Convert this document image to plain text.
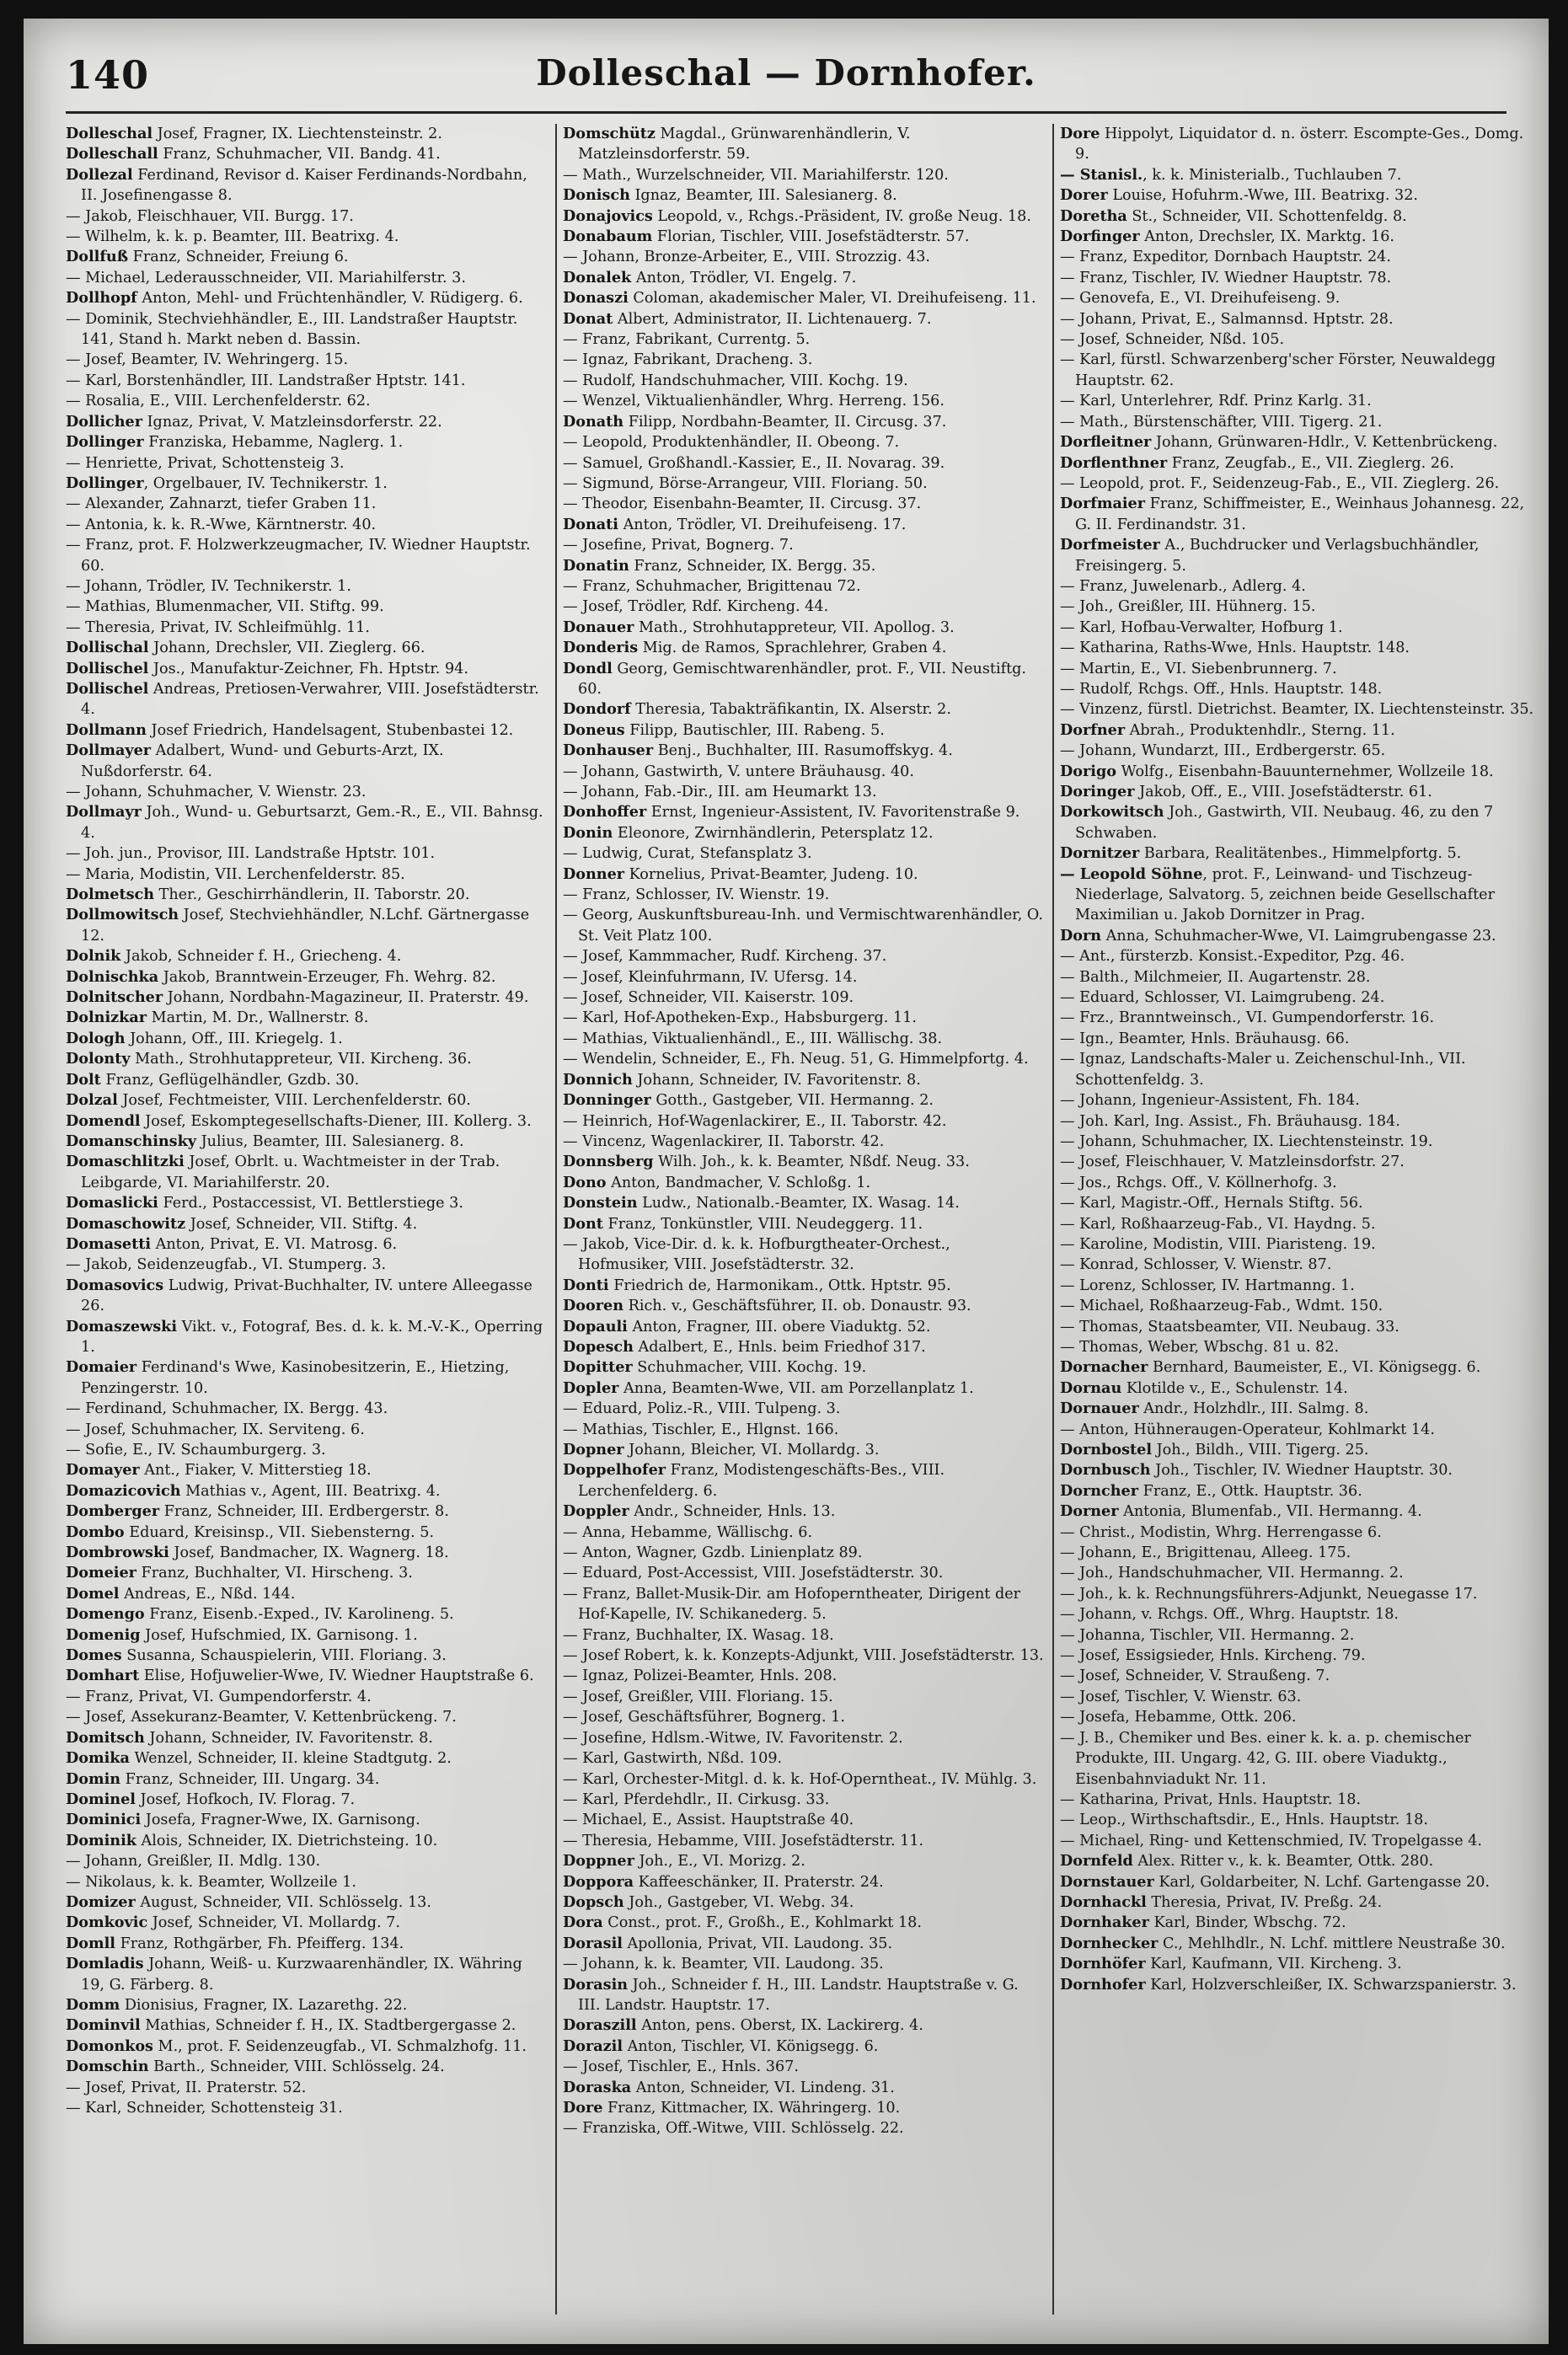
140	Dolleschal — Dornhofer.

Dolleschal Josef, Fragner, IX. Liechtensteinstr. 2.

Dolleschall Franz, Schuhmacher, VII. Bandg. 41.

Dollezal Ferdinand, Revisor d. Kaiser Ferdinands-Nordbahn, II. Josefinengasse 8.

— Jakob, Fleischhauer, VII. Burgg. 17.

— Wilhelm, k. k. p. Beamter, III. Beatrixg. 4.

Dollfuß Franz, Schneider, Freiung 6.

— Michael, Lederausschneider, VII. Mariahilferstr. 3.

Dollhopf Anton, Mehl- und Früchtenhändler, V. Rüdigerg. 6.

— Dominik, Stechviehhändler, E., III. Landstraßer Hauptstr. 141, Stand h. Markt neben d. Bassin.

— Josef, Beamter, IV. Wehringerg. 15.

— Karl, Borstenhändler, III. Landstraßer Hptstr. 141.

— Rosalia, E., VIII. Lerchenfelderstr. 62.

Dollicher Ignaz, Privat, V. Matzleinsdorferstr. 22.

Dollinger Franziska, Hebamme, Naglerg. 1.

— Henriette, Privat, Schottensteig 3.

Dollinger, Orgelbauer, IV. Technikerstr. 1.

— Alexander, Zahnarzt, tiefer Graben 11.

— Antonia, k. k. R.-Wwe, Kärntnerstr. 40.

— Franz, prot. F. Holzwerkzeugmacher, IV. Wiedner Hauptstr. 60.

— Johann, Trödler, IV. Technikerstr. 1.

— Mathias, Blumenmacher, VII. Stiftg. 99.

— Theresia, Privat, IV. Schleifmühlg. 11.

Dollischal Johann, Drechsler, VII. Zieglerg. 66.

Dollischel Jos., Manufaktur-Zeichner, Fh. Hptstr. 94.

Dollischel Andreas, Pretiosen-Verwahrer, VIII. Josefstädterstr. 4.

Dollmann Josef Friedrich, Handelsagent, Stubenbastei 12.

Dollmayer Adalbert, Wund- und Geburts-Arzt, IX. Nußdorferstr. 64.

— Johann, Schuhmacher, V. Wienstr. 23.

Dollmayr Joh., Wund- u. Geburtsarzt, Gem.-R., E., VII. Bahnsg. 4.

— Joh. jun., Provisor, III. Landstraße Hptstr. 101.

— Maria, Modistin, VII. Lerchenfelderstr. 85.

Dolmetsch Ther., Geschirrhändlerin, II. Taborstr. 20.

Dollmowitsch Josef, Stechviehhändler, N.Lchf. Gärtnergasse 12.

Dolnik Jakob, Schneider f. H., Griecheng. 4.

Dolnischka Jakob, Branntwein-Erzeuger, Fh. Wehrg. 82.

Dolnitscher Johann, Nordbahn-Magazineur, II. Praterstr. 49.

Dolnizkar Martin, M. Dr., Wallnerstr. 8.

Dologh Johann, Off., III. Kriegelg. 1.

Dolonty Math., Strohhutappreteur, VII. Kircheng. 36.

Dolt Franz, Geflügelhändler, Gzdb. 30.

Dolzal Josef, Fechtmeister, VIII. Lerchenfelderstr. 60.

Domendl Josef, Eskomptegesellschafts-Diener, III. Kollerg. 3.

Domanschinsky Julius, Beamter, III. Salesianerg. 8.

Domaschlitzki Josef, Obrlt. u. Wachtmeister in der Trab. Leibgarde, VI. Mariahilferstr. 20.

Domaslicki Ferd., Postaccessist, VI. Bettlerstiege 3.

Domaschowitz Josef, Schneider, VII. Stiftg. 4.

Domasetti Anton, Privat, E. VI. Matrosg. 6.

— Jakob, Seidenzeugfab., VI. Stumperg. 3.

Domasovics Ludwig, Privat-Buchhalter, IV. untere Alleegasse 26.

Domaszewski Vikt. v., Fotograf, Bes. d. k. k. M.-V.-K., Operring 1.

Domaier Ferdinand's Wwe, Kasinobesitzerin, E., Hietzing, Penzingerstr. 10.

— Ferdinand, Schuhmacher, IX. Bergg. 43.

— Josef, Schuhmacher, IX. Serviteng. 6.

— Sofie, E., IV. Schaumburgerg. 3.

Domayer Ant., Fiaker, V. Mitterstieg 18.

Domazicovich Mathias v., Agent, III. Beatrixg. 4.

Domberger Franz, Schneider, III. Erdbergerstr. 8.

Dombo Eduard, Kreisinsp., VII. Siebensterng. 5.

Dombrowski Josef, Bandmacher, IX. Wagnerg. 18.

Domeier Franz, Buchhalter, VI. Hirscheng. 3.

Domel Andreas, E., Nßd. 144.

Domengo Franz, Eisenb.-Exped., IV. Karolineng. 5.

Domenig Josef, Hufschmied, IX. Garnisong. 1.

Domes Susanna, Schauspielerin, VIII. Floriang. 3.

Domhart Elise, Hofjuwelier-Wwe, IV. Wiedner Hauptstraße 6.

— Franz, Privat, VI. Gumpendorferstr. 4.

— Josef, Assekuranz-Beamter, V. Kettenbrückeng. 7.

Domitsch Johann, Schneider, IV. Favoritenstr. 8.

Domika Wenzel, Schneider, II. kleine Stadtgutg. 2.

Domin Franz, Schneider, III. Ungarg. 34.

Dominel Josef, Hofkoch, IV. Florag. 7.

Dominici Josefa, Fragner-Wwe, IX. Garnisong.

Dominik Alois, Schneider, IX. Dietrichsteing. 10.

— Johann, Greißler, II. Mdlg. 130.

— Nikolaus, k. k. Beamter, Wollzeile 1.

Domizer August, Schneider, VII. Schlösselg. 13.

Domkovic Josef, Schneider, VI. Mollardg. 7.

Domll Franz, Rothgärber, Fh. Pfeifferg. 134.

Domladis Johann, Weiß- u. Kurzwaarenhändler, IX. Währing 19, G. Färberg. 8.

Domm Dionisius, Fragner, IX. Lazarethg. 22.

Dominvil Mathias, Schneider f. H., IX. Stadtbergergasse 2.

Domonkos M., prot. F. Seidenzeugfab., VI. Schmalzhofg. 11.

Domschin Barth., Schneider, VIII. Schlösselg. 24.

— Josef, Privat, II. Praterstr. 52.

— Karl, Schneider, Schottensteig 31.

Domschütz Magdal., Grünwarenhändlerin, V. Matzleinsdorferstr. 59.

— Math., Wurzelschneider, VII. Mariahilferstr. 120.

Donisch Ignaz, Beamter, III. Salesianerg. 8.

Donajovics Leopold, v., Rchgs.-Präsident, IV. große Neug. 18.

Donabaum Florian, Tischler, VIII. Josefstädterstr. 57.

— Johann, Bronze-Arbeiter, E., VIII. Strozzig. 43.

Donalek Anton, Trödler, VI. Engelg. 7.

Donaszi Coloman, akademischer Maler, VI. Dreihufeiseng. 11.

Donat Albert, Administrator, II. Lichtenauerg. 7.

— Franz, Fabrikant, Currentg. 5.

— Ignaz, Fabrikant, Dracheng. 3.

— Rudolf, Handschuhmacher, VIII. Kochg. 19.

— Wenzel, Viktualienhändler, Whrg. Herreng. 156.

Donath Filipp, Nordbahn-Beamter, II. Circusg. 37.

— Leopold, Produktenhändler, II. Obeong. 7.

— Samuel, Großhandl.-Kassier, E., II. Novarag. 39.

— Sigmund, Börse-Arrangeur, VIII. Floriang. 50.

— Theodor, Eisenbahn-Beamter, II. Circusg. 37.

Donati Anton, Trödler, VI. Dreihufeiseng. 17.

— Josefine, Privat, Bognerg. 7.

Donatin Franz, Schneider, IX. Bergg. 35.

— Franz, Schuhmacher, Brigittenau 72.

— Josef, Trödler, Rdf. Kircheng. 44.

Donauer Math., Strohhutappreteur, VII. Apollog. 3.

Donderis Mig. de Ramos, Sprachlehrer, Graben 4.

Dondl Georg, Gemischtwarenhändler, prot. F., VII. Neustiftg. 60.

Dondorf Theresia, Tabakträfikantin, IX. Alserstr. 2.

Doneus Filipp, Bautischler, III. Rabeng. 5.

Donhauser Benj., Buchhalter, III. Rasumoffskyg. 4.

— Johann, Gastwirth, V. untere Bräuhausg. 40.

— Johann, Fab.-Dir., III. am Heumarkt 13.

Donhoffer Ernst, Ingenieur-Assistent, IV. Favoritenstraße 9.

Donin Eleonore, Zwirnhändlerin, Petersplatz 12.

— Ludwig, Curat, Stefansplatz 3.

Donner Kornelius, Privat-Beamter, Judeng. 10.

— Franz, Schlosser, IV. Wienstr. 19.

— Georg, Auskunftsbureau-Inh. und Vermischtwarenhändler, O. St. Veit Platz 100.

— Josef, Kammmacher, Rudf. Kircheng. 37.

— Josef, Kleinfuhrmann, IV. Ufersg. 14.

— Josef, Schneider, VII. Kaiserstr. 109.

— Karl, Hof-Apotheken-Exp., Habsburgerg. 11.

— Mathias, Viktualienhändl., E., III. Wällischg. 38.

— Wendelin, Schneider, E., Fh. Neug. 51, G. Himmelpfortg. 4.

Donnich Johann, Schneider, IV. Favoritenstr. 8.

Donninger Gotth., Gastgeber, VII. Hermanng. 2.

— Heinrich, Hof-Wagenlackirer, E., II. Taborstr. 42.

— Vincenz, Wagenlackirer, II. Taborstr. 42.

Donnsberg Wilh. Joh., k. k. Beamter, Nßdf. Neug. 33.

Dono Anton, Bandmacher, V. Schloßg. 1.

Donstein Ludw., Nationalb.-Beamter, IX. Wasag. 14.

Dont Franz, Tonkünstler, VIII. Neudeggerg. 11.

— Jakob, Vice-Dir. d. k. k. Hofburgtheater-Orchest., Hofmusiker, VIII. Josefstädterstr. 32.

Donti Friedrich de, Harmonikam., Ottk. Hptstr. 95.

Dooren Rich. v., Geschäftsführer, II. ob. Donaustr. 93.

Dopauli Anton, Fragner, III. obere Viaduktg. 52.

Dopesch Adalbert, E., Hnls. beim Friedhof 317.

Dopitter Schuhmacher, VIII. Kochg. 19.

Dopler Anna, Beamten-Wwe, VII. am Porzellanplatz 1.

— Eduard, Poliz.-R., VIII. Tulpeng. 3.

— Mathias, Tischler, E., Hlgnst. 166.

Dopner Johann, Bleicher, VI. Mollardg. 3.

Doppelhofer Franz, Modistengeschäfts-Bes., VIII. Lerchenfelderg. 6.

Doppler Andr., Schneider, Hnls. 13.

— Anna, Hebamme, Wällischg. 6.

— Anton, Wagner, Gzdb. Linienplatz 89.

— Eduard, Post-Accessist, VIII. Josefstädterstr. 30.

— Franz, Ballet-Musik-Dir. am Hofoperntheater, Dirigent der Hof-Kapelle, IV. Schikanederg. 5.

— Franz, Buchhalter, IX. Wasag. 18.

— Josef Robert, k. k. Konzepts-Adjunkt, VIII. Josefstädterstr. 13.

— Ignaz, Polizei-Beamter, Hnls. 208.

— Josef, Greißler, VIII. Floriang. 15.

— Josef, Geschäftsführer, Bognerg. 1.

— Josefine, Hdlsm.-Witwe, IV. Favoritenstr. 2.

— Karl, Gastwirth, Nßd. 109.

— Karl, Orchester-Mitgl. d. k. k. Hof-Operntheat., IV. Mühlg. 3.

— Karl, Pferdehdlr., II. Cirkusg. 33.

— Michael, E., Assist. Hauptstraße 40.

— Theresia, Hebamme, VIII. Josefstädterstr. 11.

Doppner Joh., E., VI. Morizg. 2.

Doppora Kaffeeschänker, II. Praterstr. 24.

Dopsch Joh., Gastgeber, VI. Webg. 34.

Dora Const., prot. F., Großh., E., Kohlmarkt 18.

Dorasil Apollonia, Privat, VII. Laudong. 35.

— Johann, k. k. Beamter, VII. Laudong. 35.

Dorasin Joh., Schneider f. H., III. Landstr. Hauptstraße v. G. III. Landstr. Hauptstr. 17.

Doraszill Anton, pens. Oberst, IX. Lackirerg. 4.

Dorazil Anton, Tischler, VI. Königsegg. 6.

— Josef, Tischler, E., Hnls. 367.

Doraska Anton, Schneider, VI. Lindeng. 31.

Dore Franz, Kittmacher, IX. Währingerg. 10.

— Franziska, Off.-Witwe, VIII. Schlösselg. 22.

Dore Hippolyt, Liquidator d. n. österr. Escompte-Ges., Domg. 9.

— Stanisl., k. k. Ministerialb., Tuchlauben 7.

Dorer Louise, Hofuhrm.-Wwe, III. Beatrixg. 32.

Doretha St., Schneider, VII. Schottenfeldg. 8.

Dorfinger Anton, Drechsler, IX. Marktg. 16.

— Franz, Expeditor, Dornbach Hauptstr. 24.

— Franz, Tischler, IV. Wiedner Hauptstr. 78.

— Genovefa, E., VI. Dreihufeiseng. 9.

— Johann, Privat, E., Salmannsd. Hptstr. 28.

— Josef, Schneider, Nßd. 105.

— Karl, fürstl. Schwarzenberg'scher Förster, Neuwaldegg Hauptstr. 62.

— Karl, Unterlehrer, Rdf. Prinz Karlg. 31.

— Math., Bürstenschäfter, VIII. Tigerg. 21.

Dorfleitner Johann, Grünwaren-Hdlr., V. Kettenbrückeng.

Dorflenthner Franz, Zeugfab., E., VII. Zieglerg. 26.

— Leopold, prot. F., Seidenzeug-Fab., E., VII. Zieglerg. 26.

Dorfmaier Franz, Schiffmeister, E., Weinhaus Johannesg. 22, G. II. Ferdinandstr. 31.

Dorfmeister A., Buchdrucker und Verlagsbuchhändler, Freisingerg. 5.

— Franz, Juwelenarb., Adlerg. 4.

— Joh., Greißler, III. Hühnerg. 15.

— Karl, Hofbau-Verwalter, Hofburg 1.

— Katharina, Raths-Wwe, Hnls. Hauptstr. 148.

— Martin, E., VI. Siebenbrunnerg. 7.

— Rudolf, Rchgs. Off., Hnls. Hauptstr. 148.

— Vinzenz, fürstl. Dietrichst. Beamter, IX. Liechtensteinstr. 35.

Dorfner Abrah., Produktenhdlr., Sterng. 11.

— Johann, Wundarzt, III., Erdbergerstr. 65.

Dorigo Wolfg., Eisenbahn-Bauunternehmer, Wollzeile 18.

Doringer Jakob, Off., E., VIII. Josefstädterstr. 61.

Dorkowitsch Joh., Gastwirth, VII. Neubaug. 46, zu den 7 Schwaben.

Dornitzer Barbara, Realitätenbes., Himmelpfortg. 5.

— Leopold Söhne, prot. F., Leinwand- und Tischzeug-Niederlage, Salvatorg. 5, zeichnen beide Gesellschafter Maximilian u. Jakob Dornitzer in Prag.

Dorn Anna, Schuhmacher-Wwe, VI. Laimgrubengasse 23.

— Ant., fürsterzb. Konsist.-Expeditor, Pzg. 46.

— Balth., Milchmeier, II. Augartenstr. 28.

— Eduard, Schlosser, VI. Laimgrubeng. 24.

— Frz., Branntweinsch., VI. Gumpendorferstr. 16.

— Ign., Beamter, Hnls. Bräuhausg. 66.

— Ignaz, Landschafts-Maler u. Zeichenschul-Inh., VII. Schottenfeldg. 3.

— Johann, Ingenieur-Assistent, Fh. 184.

— Joh. Karl, Ing. Assist., Fh. Bräuhausg. 184.

— Johann, Schuhmacher, IX. Liechtensteinstr. 19.

— Josef, Fleischhauer, V. Matzleinsdorfstr. 27.

— Jos., Rchgs. Off., V. Köllnerhofg. 3.

— Karl, Magistr.-Off., Hernals Stiftg. 56.

— Karl, Roßhaarzeug-Fab., VI. Haydng. 5.

— Karoline, Modistin, VIII. Piaristeng. 19.

— Konrad, Schlosser, V. Wienstr. 87.

— Lorenz, Schlosser, IV. Hartmanng. 1.

— Michael, Roßhaarzeug-Fab., Wdmt. 150.

— Thomas, Staatsbeamter, VII. Neubaug. 33.

— Thomas, Weber, Wbschg. 81 u. 82.

Dornacher Bernhard, Baumeister, E., VI. Königsegg. 6.

Dornau Klotilde v., E., Schulenstr. 14.

Dornauer Andr., Holzhdlr., III. Salmg. 8.

— Anton, Hühneraugen-Operateur, Kohlmarkt 14.

Dornbostel Joh., Bildh., VIII. Tigerg. 25.

Dornbusch Joh., Tischler, IV. Wiedner Hauptstr. 30.

Dorncher Franz, E., Ottk. Hauptstr. 36.

Dorner Antonia, Blumenfab., VII. Hermanng. 4.

— Christ., Modistin, Whrg. Herrengasse 6.

— Johann, E., Brigittenau, Alleeg. 175.

— Joh., Handschuhmacher, VII. Hermanng. 2.

— Joh., k. k. Rechnungsführers-Adjunkt, Neuegasse 17.

— Johann, v. Rchgs. Off., Whrg. Hauptstr. 18.

— Johanna, Tischler, VII. Hermanng. 2.

— Josef, Essigsieder, Hnls. Kircheng. 79.

— Josef, Schneider, V. Straußeng. 7.

— Josef, Tischler, V. Wienstr. 63.

— Josefa, Hebamme, Ottk. 206.

— J. B., Chemiker und Bes. einer k. k. a. p. chemischer Produkte, III. Ungarg. 42, G. III. obere Viaduktg., Eisenbahnviadukt Nr. 11.

— Katharina, Privat, Hnls. Hauptstr. 18.

— Leop., Wirthschaftsdir., E., Hnls. Hauptstr. 18.

— Michael, Ring- und Kettenschmied, IV. Tropelgasse 4.

Dornfeld Alex. Ritter v., k. k. Beamter, Ottk. 280.

Dornstauer Karl, Goldarbeiter, N. Lchf. Gartengasse 20.

Dornhackl Theresia, Privat, IV. Preßg. 24.

Dornhaker Karl, Binder, Wbschg. 72.

Dornhecker C., Mehlhdlr., N. Lchf. mittlere Neustraße 30.

Dornhöfer Karl, Kaufmann, VII. Kircheng. 3.

Dornhofer Karl, Holzverschleißer, IX. Schwarzspanierstr. 3.
